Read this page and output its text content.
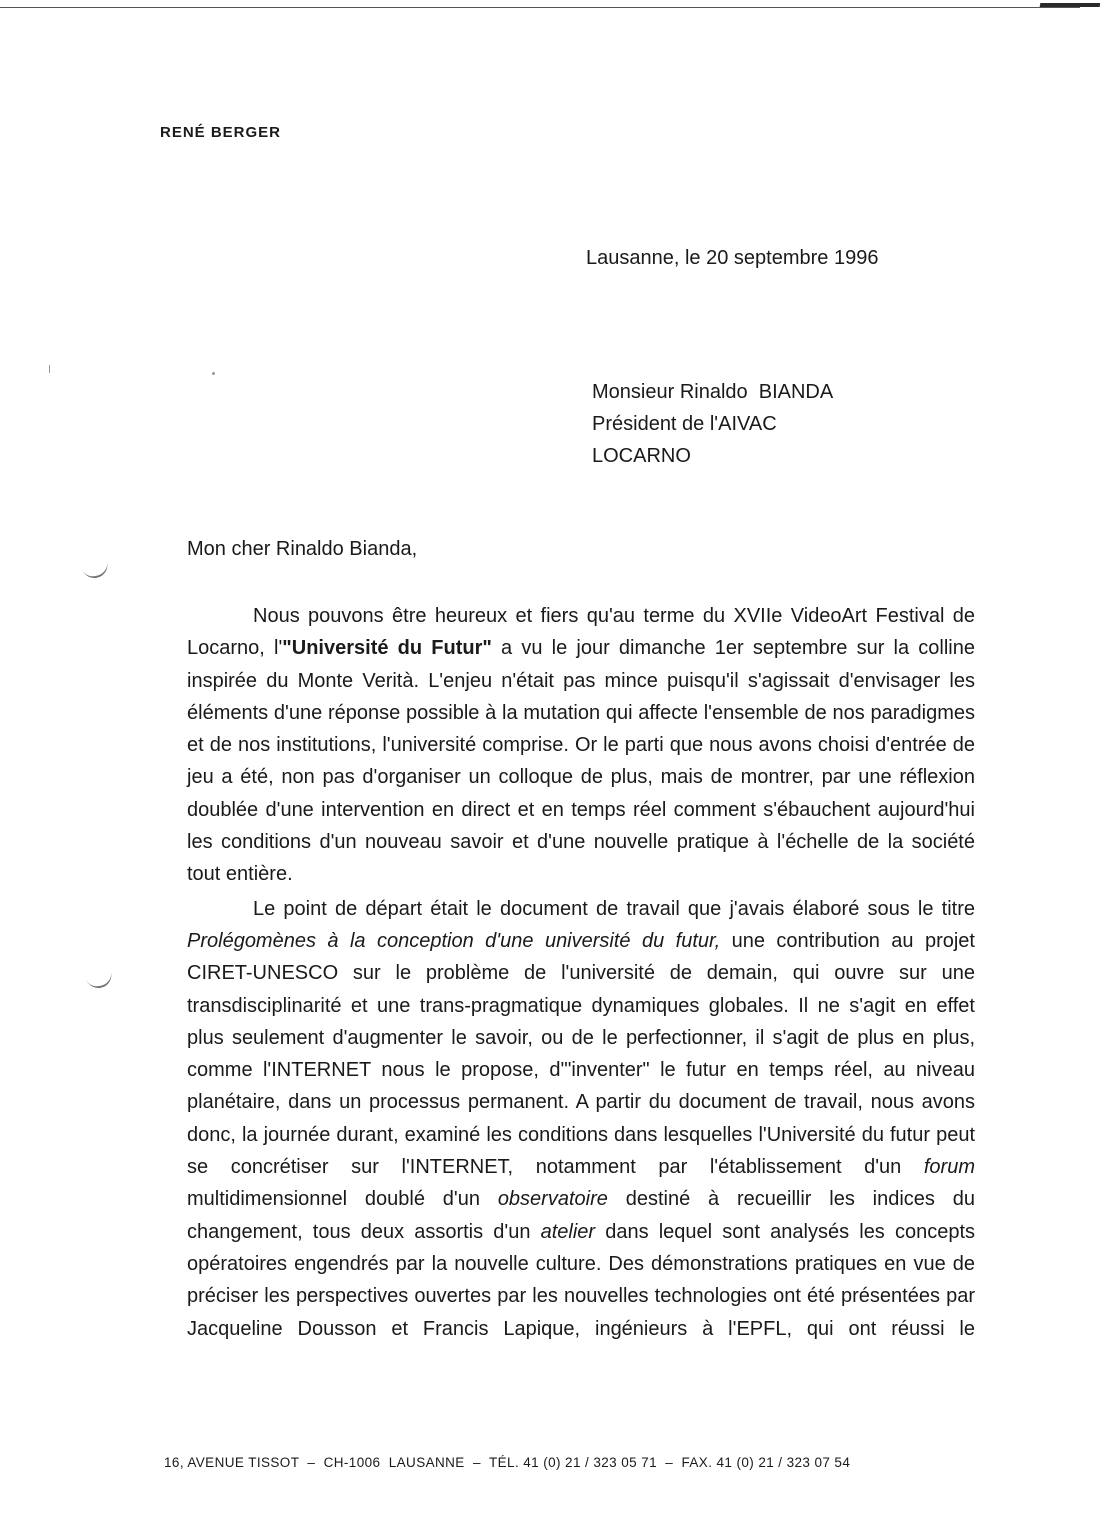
RENÉ BERGER
Lausanne, le 20 septembre 1996
Monsieur Rinaldo  BIANDA
Président de l'AIVAC
LOCARNO
Mon cher Rinaldo Bianda,

Nous pouvons être heureux et fiers qu'au terme du XVIIe VideoArt Festival de Locarno, l'"Université du Futur" a vu le jour dimanche 1er septembre sur la colline inspirée du Monte Verità. L'enjeu n'était pas mince puisqu'il s'agissait d'envisager les éléments d'une réponse possible à la mutation qui affecte l'ensemble de nos paradigmes et de nos institutions, l'université comprise. Or le parti que nous avons choisi d'entrée de jeu a été, non pas d'organiser un colloque de plus, mais de montrer, par une réflexion doublée d'une intervention en direct et en temps réel comment s'ébauchent aujourd'hui les conditions d'un nouveau savoir et d'une nouvelle pratique à l'échelle de la société tout entière.

Le point de départ était le document de travail que j'avais élaboré sous le titre Prolégomènes à la conception d'une université du futur, une contribution au projet CIRET-UNESCO sur le problème de l'université de demain, qui ouvre sur une transdisciplinarité et une trans-pragmatique dynamiques globales. Il ne s'agit en effet plus seulement d'augmenter le savoir, ou de le perfectionner, il s'agit de plus en plus, comme l'INTERNET nous le propose, d'"inventer" le futur en temps réel, au niveau planétaire, dans un processus permanent. A partir du document de travail, nous avons donc, la journée durant, examiné les conditions dans lesquelles l'Université du futur peut se concrétiser sur l'INTERNET, notamment par l'établissement d'un forum multidimensionnel doublé d'un observatoire destiné à recueillir les indices du changement, tous deux assortis d'un atelier dans lequel sont analysés les concepts opératoires engendrés par la nouvelle culture. Des démonstrations pratiques en vue de préciser les perspectives ouvertes par les nouvelles technologies ont été présentées par Jacqueline Dousson et Francis Lapique, ingénieurs à l'EPFL, qui ont réussi le

16, AVENUE TISSOT  –  CH-1006  LAUSANNE  –  TÉL. 41 (0) 21 / 323 05 71  –  FAX. 41 (0) 21 / 323 07 54
